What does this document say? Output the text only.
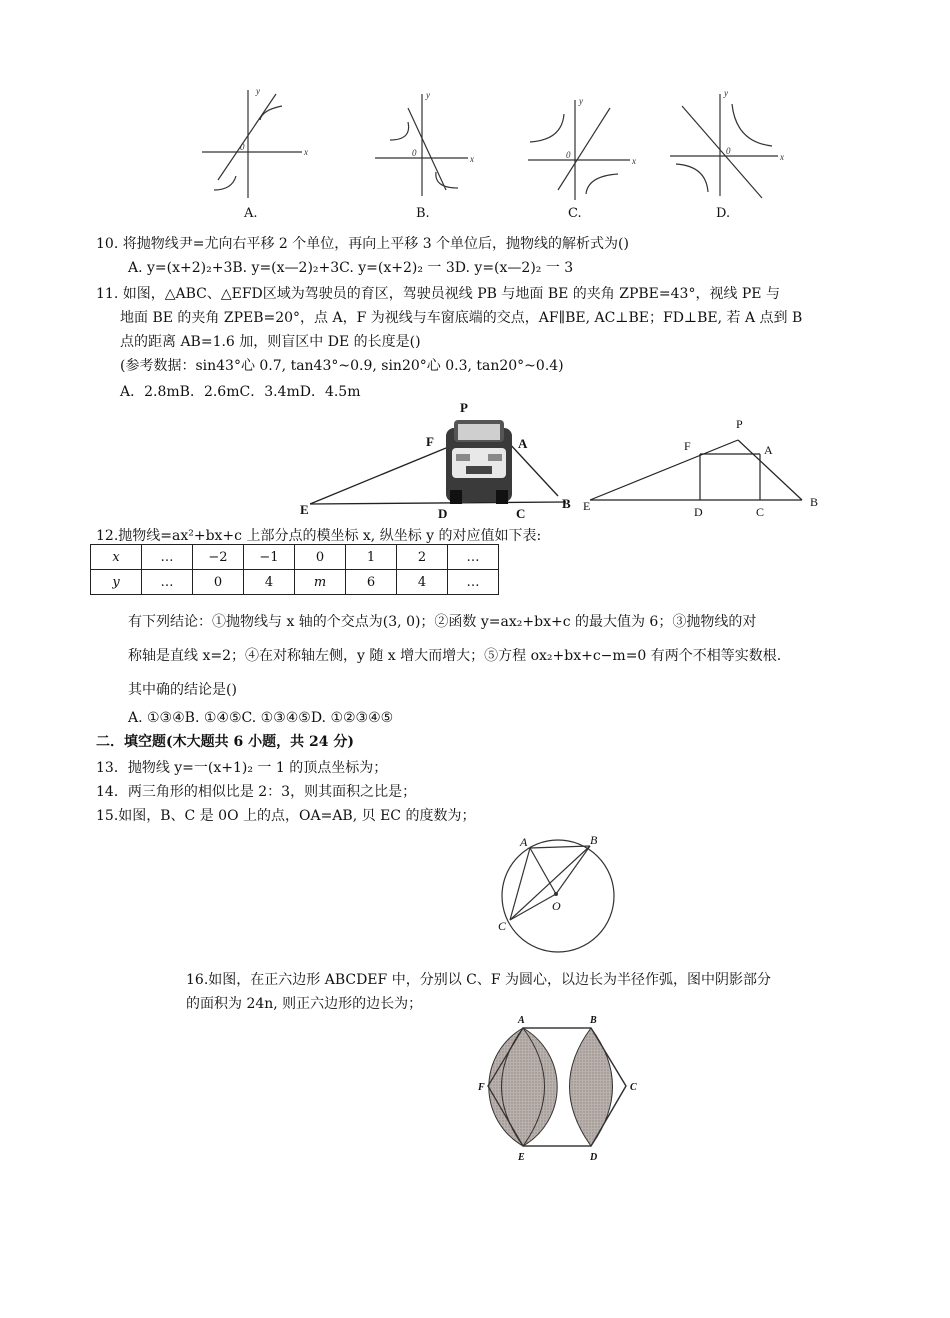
0
y
x	0
y
x	0
y
x
0
y
x
A.	B.	C.	D.
10. 将抛物线尹=尤向右平移 2 个单位，再向上平移 3 个单位后，抛物线的解析式为()
A. y=(x+2)₂+3B. y=(x—2)₂+3C. y=(x+2)₂ 一 3D. y=(x—2)₂ 一 3
11. 如图，△ABC、△EFD区域为驾驶员的育区，驾驶员视线 PB 与地面 BE 的夹角 ZPBE=43°，视线 PE 与
地面 BE 的夹角 ZPEB=20°，点 A，F 为视线与车窗底端的交点，AF∥BE, AC⊥BE；FD⊥BE, 若 A 点到 B
点的距离 AB=1.6 加，则盲区中 DE 的长度是()
(参考数据：sin43°心 0.7, tan43°~0.9, sin20°心 0.3, tan20°~0.4)
A．2.8mB．2.6mC．3.4mD．4.5m
P
F	A
E	D	C
B
P
F	A
E	D	C
B
12.抛物线=ax²+bx+c 上部分点的模坐标 x, 纵坐标 y 的对应值如下表:
x	…	−2	−1	0	1	2	…
y	…	0	4	m	6	4	…
有下列结论：①抛物线与 x 轴的个交点为(3, 0)；②函数 y=ax₂+bx+c 的最大值为 6；③抛物线的对
称轴是直线 x=2；④在对称轴左侧，y 随 x 增大而增大；⑤方程 ox₂+bx+c−m=0 有两个不相等实数根.
其中确的结论是()
A. ①③④B. ①④⑤C. ①③④⑤D. ①②③④⑤
二．填空题(木大题共 6 小题，共 24 分)
13．抛物线 y=一(x+1)₂ 一 1 的顶点坐标为；
14．两三角形的相似比是 2：3，则其面积之比是；
15.如图，B、C 是 0O 上的点，OA=AB, 贝 EC 的度数为；
A	B
O
C
16.如图，在正六边形 ABCDEF 中，分别以 C、F 为圆心，以边长为半径作弧，图中阴影部分
的面积为 24n, 则正六边形的边长为；
A	B
C
D
E
F
